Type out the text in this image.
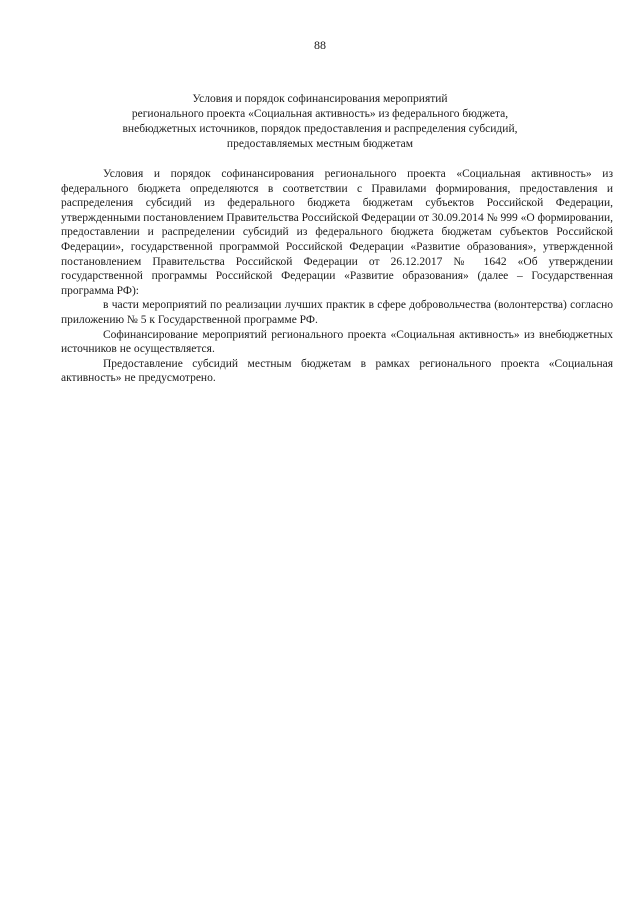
88
Условия и порядок софинансирования мероприятий
регионального проекта «Социальная активность» из федерального бюджета,
внебюджетных источников, порядок предоставления и распределения субсидий,
предоставляемых местным бюджетам

Условия и порядок софинансирования регионального проекта «Социальная активность» из федерального бюджета определяются в соответствии с Правилами формирования, предоставления и распределения субсидий из федерального бюджета бюджетам субъектов Российской Федерации, утвержденными постановлением Правительства Российской Федерации от 30.09.2014 № 999 «О формировании, предоставлении и распределении субсидий из федерального бюджета бюджетам субъектов Российской Федерации», государственной программой Российской Федерации «Развитие образования», утвержденной постановлением Правительства Российской Федерации от 26.12.2017 № 1642 «Об утверждении государственной программы Российской Федерации «Развитие образования» (далее – Государственная программа РФ):

в части мероприятий по реализации лучших практик в сфере добровольчества (волонтерства) согласно приложению № 5 к Государственной программе РФ.

Софинансирование мероприятий регионального проекта «Социальная активность» из внебюджетных источников не осуществляется.

Предоставление субсидий местным бюджетам в рамках регионального проекта «Социальная активность» не предусмотрено.
